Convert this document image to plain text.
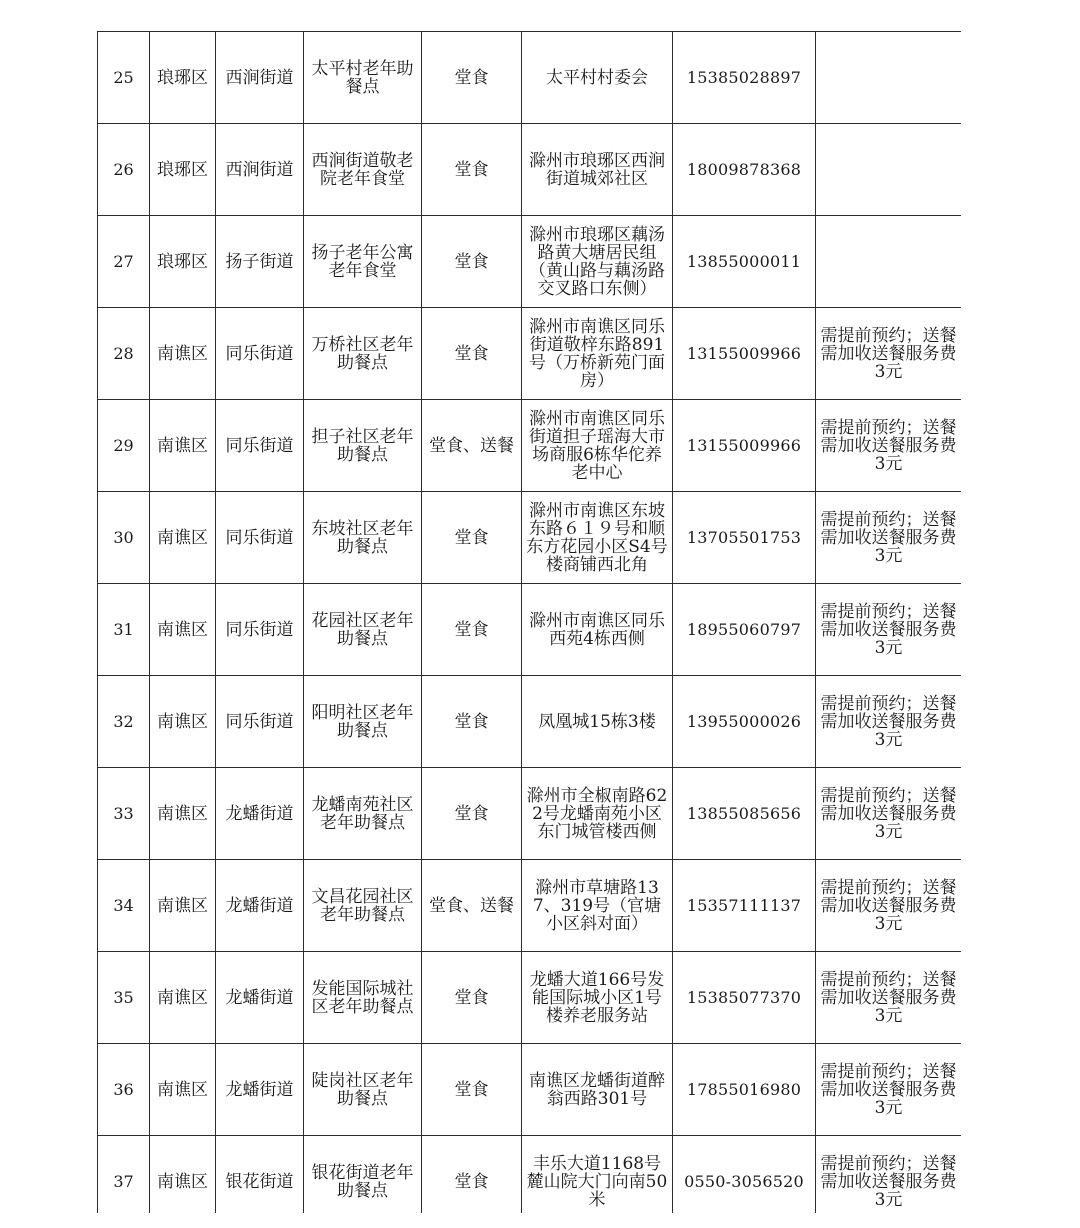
25	琅琊区	西涧街道	太平村老年助餐点	堂食	太平村村委会	15385028897	
26	琅琊区	西涧街道	西涧街道敬老院老年食堂	堂食	滁州市琅琊区西涧街道城郊社区	18009878368	
27	琅琊区	扬子街道	扬子老年公寓老年食堂	堂食	滁州市琅琊区藕汤路黄大塘居民组（黄山路与藕汤路交叉路口东侧）	13855000011	
28	南谯区	同乐街道	万桥社区老年助餐点	堂食	滁州市南谯区同乐街道敬梓东路891号（万桥新苑门面房）	13155009966	需提前预约；送餐需加收送餐服务费3元
29	南谯区	同乐街道	担子社区老年助餐点	堂食、送餐	滁州市南谯区同乐街道担子瑶海大市场商服6栋华佗养老中心	13155009966	需提前预约；送餐需加收送餐服务费3元
30	南谯区	同乐街道	东坡社区老年助餐点	堂食	滁州市南谯区东坡东路６１９号和顺东方花园小区S4号楼商铺西北角	13705501753	需提前预约；送餐需加收送餐服务费3元
31	南谯区	同乐街道	花园社区老年助餐点	堂食	滁州市南谯区同乐西苑4栋西侧	18955060797	需提前预约；送餐需加收送餐服务费3元
32	南谯区	同乐街道	阳明社区老年助餐点	堂食	凤凰城15栋3楼	13955000026	需提前预约；送餐需加收送餐服务费3元
33	南谯区	龙蟠街道	龙蟠南苑社区老年助餐点	堂食	滁州市全椒南路622号龙蟠南苑小区东门城管楼西侧	13855085656	需提前预约；送餐需加收送餐服务费3元
34	南谯区	龙蟠街道	文昌花园社区老年助餐点	堂食、送餐	滁州市草塘路137、319号（官塘小区斜对面）	15357111137	需提前预约；送餐需加收送餐服务费3元
35	南谯区	龙蟠街道	发能国际城社区老年助餐点	堂食	龙蟠大道166号发能国际城小区1号楼养老服务站	15385077370	需提前预约；送餐需加收送餐服务费3元
36	南谯区	龙蟠街道	陡岗社区老年助餐点	堂食	南谯区龙蟠街道醉翁西路301号	17855016980	需提前预约；送餐需加收送餐服务费3元
37	南谯区	银花街道	银花街道老年助餐点	堂食	丰乐大道1168号麓山院大门向南50米	0550-3056520	需提前预约；送餐需加收送餐服务费3元
